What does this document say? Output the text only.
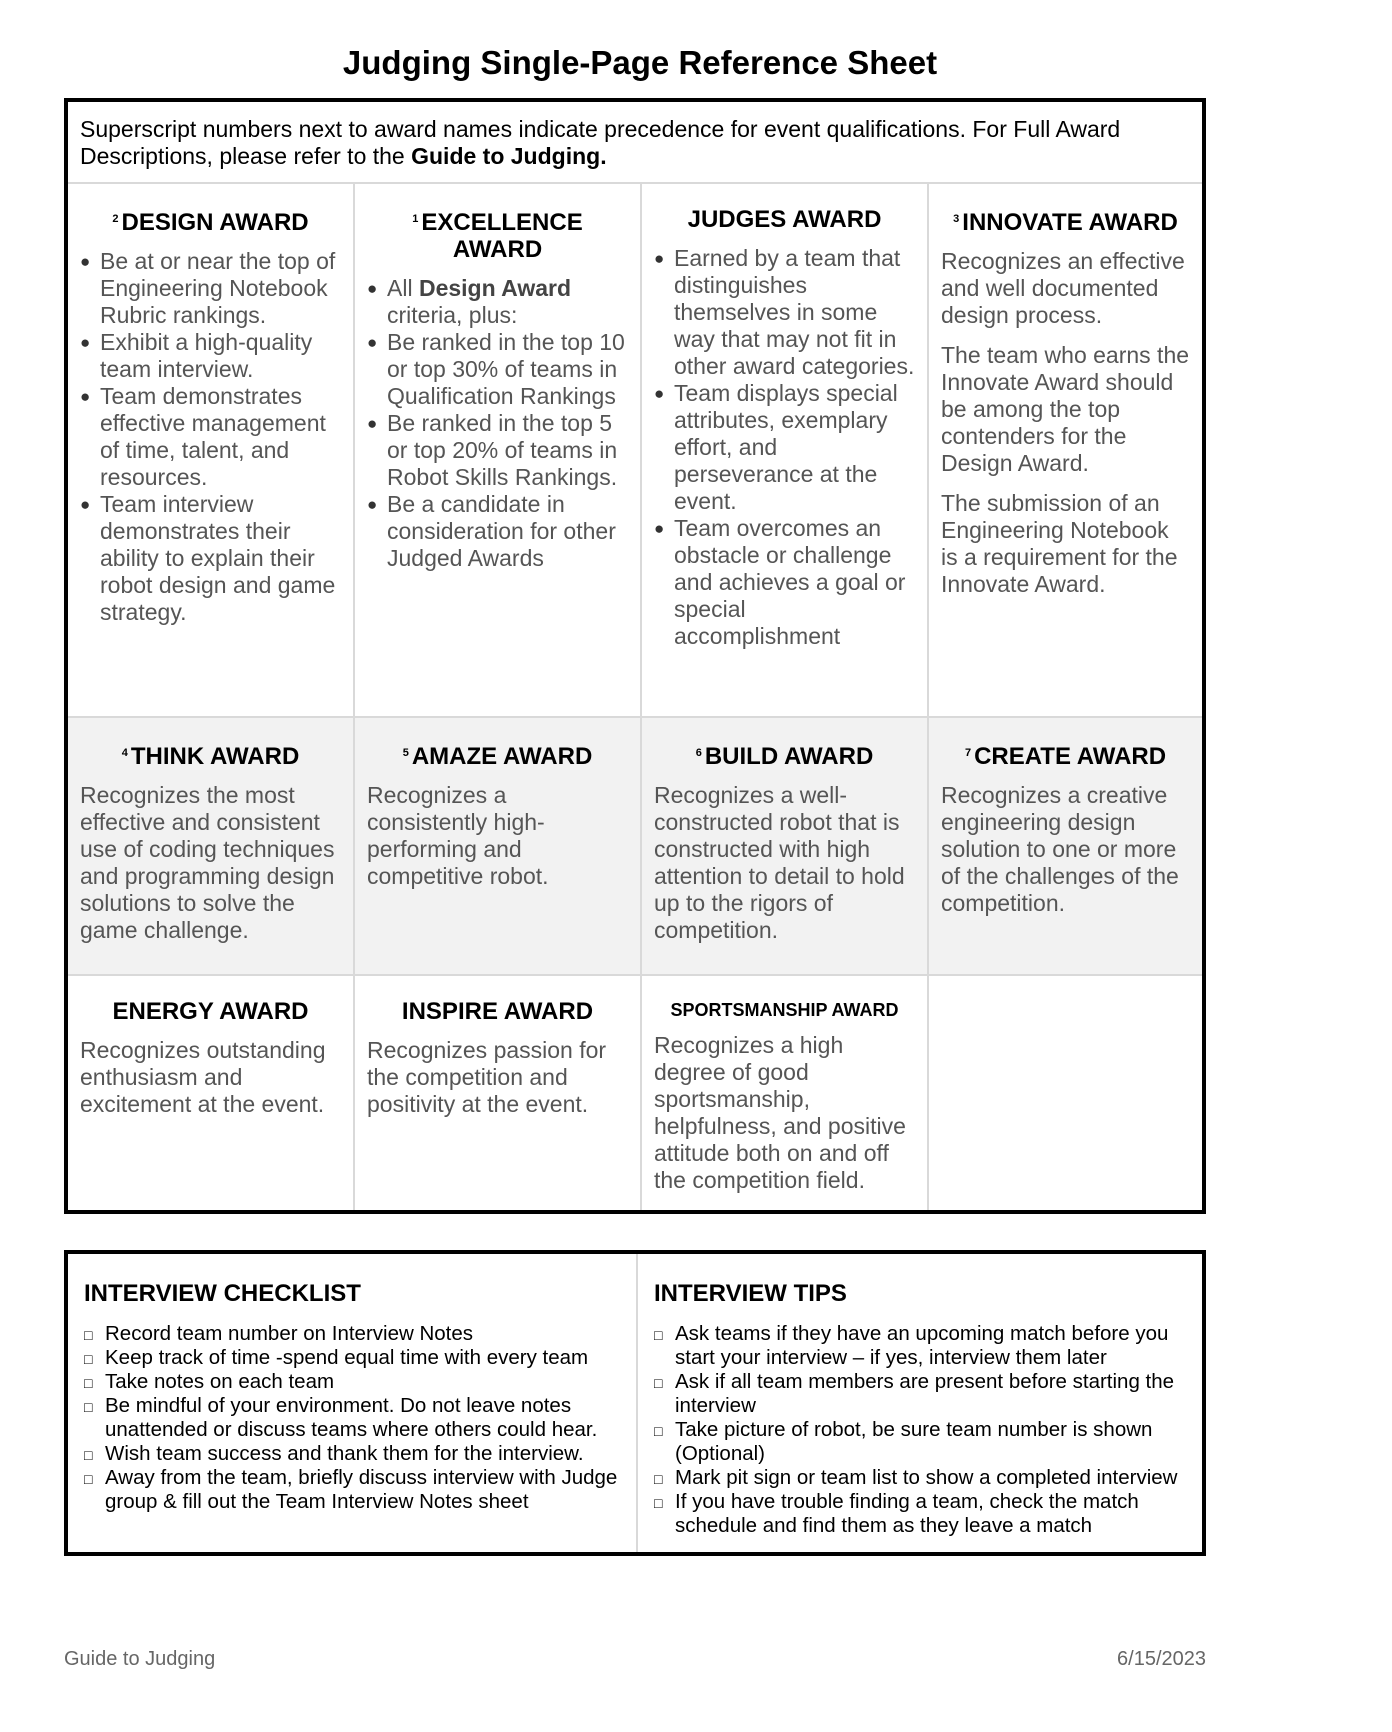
Judging Single-Page Reference Sheet
Superscript numbers next to award names indicate precedence for event qualifications. For Full Award Descriptions, please refer to the Guide to Judging.
$^2$ DESIGN AWARD
● Be at or near the top of Engineering Notebook Rubric rankings.
● Exhibit a high-quality team interview.
● Team demonstrates effective management of time, talent, and resources.
● Team interview demonstrates their ability to explain their robot design and game strategy.
$^1$ EXCELLENCE AWARD
● All Design Award criteria, plus:
● Be ranked in the top 10 or top 30% of teams in Qualification Rankings
● Be ranked in the top 5 or top 20% of teams in Robot Skills Rankings.
● Be a candidate in consideration for other Judged Awards
JUDGES AWARD
● Earned by a team that distinguishes themselves in some way that may not fit in other award categories.
● Team displays special attributes, exemplary effort, and perseverance at the event.
● Team overcomes an obstacle or challenge and achieves a goal or special accomplishment
$^3$ INNOVATE AWARD

Recognizes an effective and well documented design process.

The team who earns the Innovate Award should be among the top contenders for the Design Award.

The submission of an Engineering Notebook is a requirement for the Innovate Award.

$^4$ THINK AWARD
Recognizes the most effective and consistent use of coding techniques and programming design solutions to solve the game challenge.
$^5$ AMAZE AWARD
Recognizes a consistently high-performing and competitive robot.
$^6$ BUILD AWARD
Recognizes a well-constructed robot that is constructed with high attention to detail to hold up to the rigors of competition.
$^7$ CREATE AWARD
Recognizes a creative engineering design solution to one or more of the challenges of the competition.
ENERGY AWARD
Recognizes outstanding enthusiasm and excitement at the event.
INSPIRE AWARD
Recognizes passion for the competition and positivity at the event.
SPORTSMANSHIP AWARD
Recognizes a high degree of good sportsmanship, helpfulness, and positive attitude both on and off the competition field.
INTERVIEW CHECKLIST
□ Record team number on Interview Notes
□ Keep track of time -spend equal time with every team
□ Take notes on each team
□ Be mindful of your environment. Do not leave notes unattended or discuss teams where others could hear.
□ Wish team success and thank them for the interview.
□ Away from the team, briefly discuss interview with Judge group & fill out the Team Interview Notes sheet
INTERVIEW TIPS
□ Ask teams if they have an upcoming match before you start your interview – if yes, interview them later
□ Ask if all team members are present before starting the interview
□ Take picture of robot, be sure team number is shown (Optional)
□ Mark pit sign or team list to show a completed interview
□ If you have trouble finding a team, check the match schedule and find them as they leave a match
Guide to Judging	6/15/2023
